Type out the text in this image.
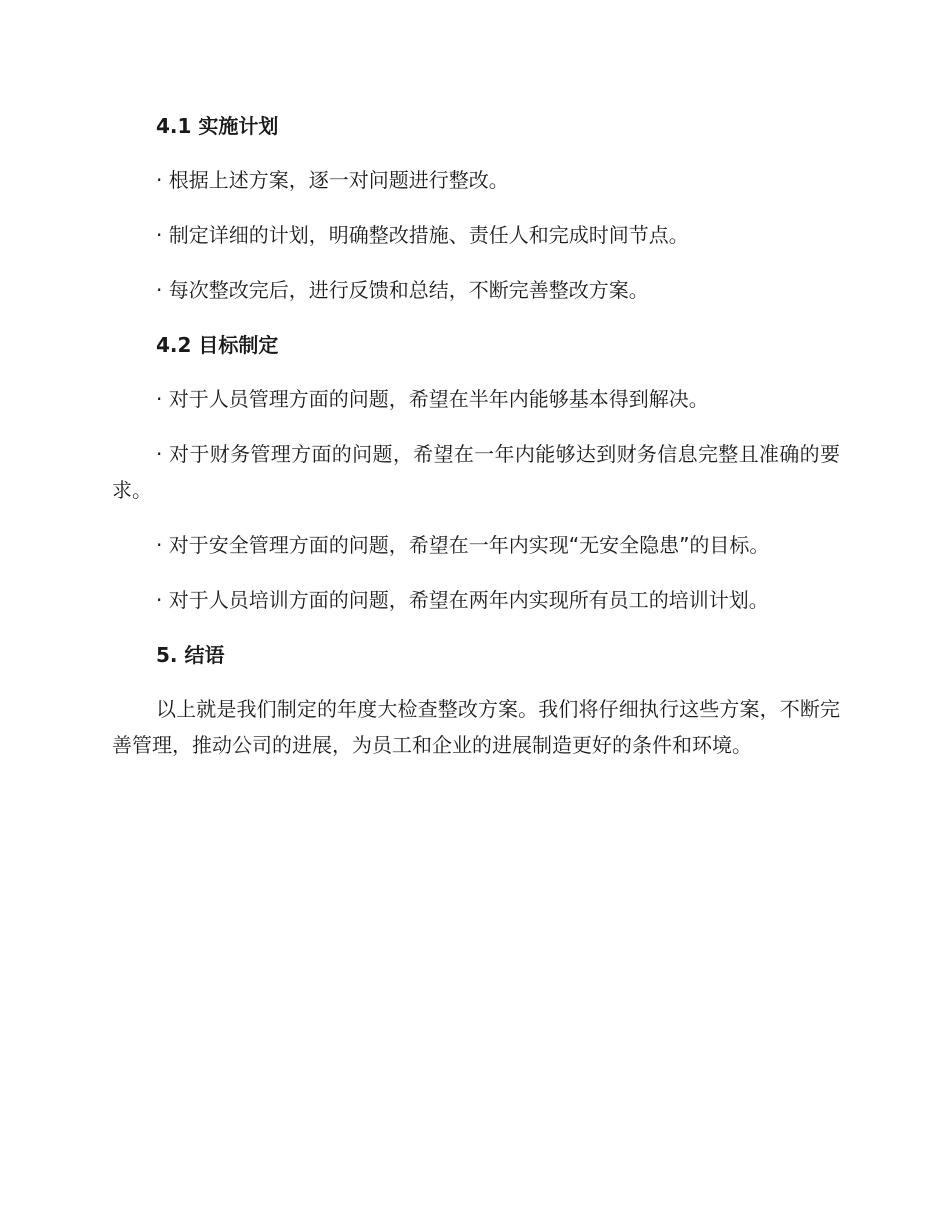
4.1 实施计划
· 根据上述方案，逐一对问题进行整改。
· 制定详细的计划，明确整改措施、责任人和完成时间节点。
· 每次整改完后，进行反馈和总结，不断完善整改方案。
4.2 目标制定
· 对于人员管理方面的问题，希望在半年内能够基本得到解决。
· 对于财务管理方面的问题，希望在一年内能够达到财务信息完整且准确的要求。
· 对于安全管理方面的问题，希望在一年内实现“无安全隐患”的目标。
· 对于人员培训方面的问题，希望在两年内实现所有员工的培训计划。
5. 结语
以上就是我们制定的年度大检查整改方案。我们将仔细执行这些方案，不断完善管理，推动公司的进展，为员工和企业的进展制造更好的条件和环境。
